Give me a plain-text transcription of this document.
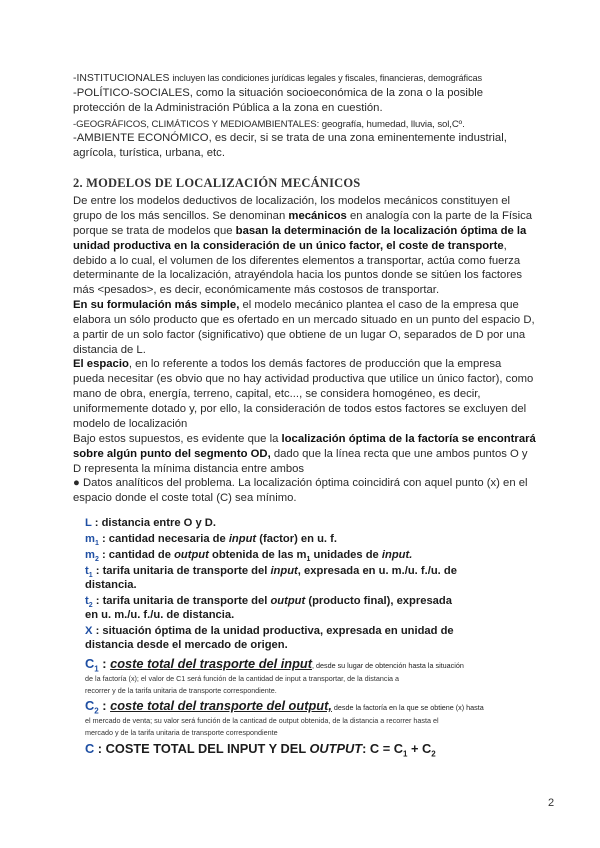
-INSTITUCIONALES incluyen las condiciones jurídicas legales y fiscales, financieras, demográficas
-POLÍTICO-SOCIALES, como la situación socioeconómica de la zona o la posible
protección de la Administración Pública a la zona en cuestión.
-GEOGRÁFICOS, CLIMÁTICOS Y MEDIOAMBIENTALES: geografía, humedad, lluvia, sol,Cº.
-AMBIENTE ECONÓMICO, es decir, si se trata de una zona eminentemente industrial,
agrícola, turística, urbana, etc.
2. MODELOS DE LOCALIZACIÓN MECÁNICOS
De entre los modelos deductivos de localización, los modelos mecánicos constituyen el
grupo de los más sencillos. Se denominan mecánicos en analogía con la parte de la Física
porque se trata de modelos que basan la determinación de la localización óptima de la
unidad productiva en la consideración de un único factor, el coste de transporte,
debido a lo cual, el volumen de los diferentes elementos a transportar, actúa como fuerza
determinante de la localización, atrayéndola hacia los puntos donde se sitúen los factores
más <pesados>, es decir, económicamente más costosos de transportar.
En su formulación más simple, el modelo mecánico plantea el caso de la empresa que
elabora un sólo producto que es ofertado en un mercado situado en un punto del espacio D,
a partir de un solo factor (significativo) que obtiene de un lugar O, separados de D por una
distancia de L.
El espacio, en lo referente a todos los demás factores de producción que la empresa
pueda necesitar (es obvio que no hay actividad productiva que utilice un único factor), como
mano de obra, energía, terreno, capital, etc..., se considera homogéneo, es decir,
uniformemente dotado y, por ello, la consideración de todos estos factores se excluyen del
modelo de localización
Bajo estos supuestos, es evidente que la localización óptima de la factoría se encontrará
sobre algún punto del segmento OD, dado que la línea recta que une ambos puntos O y
D representa la mínima distancia entre ambos
● Datos analíticos del problema. La localización óptima coincidirá con aquel punto (x) en el
espacio donde el coste total (C) sea mínimo.
L : distancia entre O y D.
$m_1$ : cantidad necesaria de input (factor) en u. f.
$m_2$ : cantidad de output obtenida de las $m_1$ unidades de input.
$t_1$ : tarifa unitaria de transporte del input, expresada en u. m./u. f./u. de
distancia.
$t_2$ : tarifa unitaria de transporte del output (producto final), expresada
en u. m./u. f./u. de distancia.
X : situación óptima de la unidad productiva, expresada en unidad de
distancia desde el mercado de origen.
$C_1$ : coste total del trasporte del input, desde su lugar de obtención hasta la situación
de la factoría (x); el valor de C1 será función de la cantidad de input a transportar, de la distancia a
recorrer y de la tarifa unitaria de transporte correspondiente.
$C_2$ : coste total del transporte del output, desde la factoría en la que se obtiene (x) hasta
el mercado de venta; su valor será función de la canticad de output obtenida, de la distancia a recorrer hasta el
mercado y de la tarifa unitaria de transporte correspondiente
C : COSTE TOTAL DEL INPUT Y DEL OUTPUT: $C = C_1 + C_2$
2
